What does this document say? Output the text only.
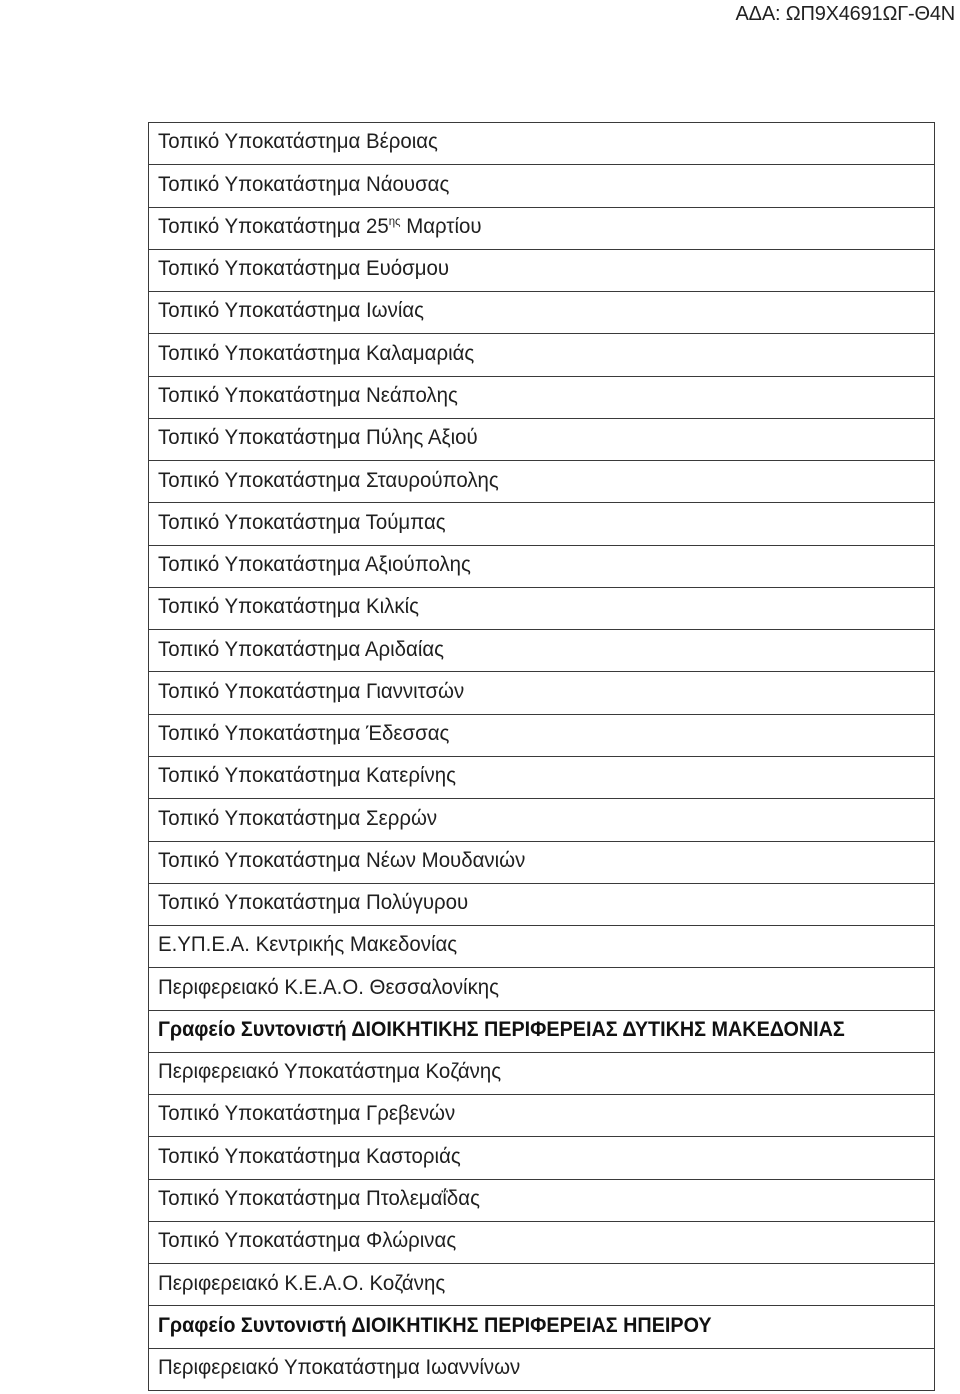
ΑΔΑ: ΩΠ9Χ4691ΩΓ-Θ4Ν
Τοπικό Υποκατάστημα Βέροιας
Τοπικό Υποκατάστημα Νάουσας
Τοπικό Υποκατάστημα $25^{\eta\varsigma}$ Μαρτίου
Τοπικό Υποκατάστημα Ευόσμου
Τοπικό Υποκατάστημα Ιωνίας
Τοπικό Υποκατάστημα Καλαμαριάς
Τοπικό Υποκατάστημα Νεάπολης
Τοπικό Υποκατάστημα Πύλης Αξιού
Τοπικό Υποκατάστημα Σταυρούπολης
Τοπικό Υποκατάστημα Τούμπας
Τοπικό Υποκατάστημα Αξιούπολης
Τοπικό Υποκατάστημα Κιλκίς
Τοπικό Υποκατάστημα Αριδαίας
Τοπικό Υποκατάστημα Γιαννιτσών
Τοπικό Υποκατάστημα Έδεσσας
Τοπικό Υποκατάστημα Κατερίνης
Τοπικό Υποκατάστημα Σερρών
Τοπικό Υποκατάστημα Νέων Μουδανιών
Τοπικό Υποκατάστημα Πολύγυρου
Ε.ΥΠ.Ε.Α. Κεντρικής Μακεδονίας
Περιφερειακό Κ.Ε.Α.Ο. Θεσσαλονίκης
Γραφείο Συντονιστή ΔΙΟΙΚΗΤΙΚΗΣ ΠΕΡΙΦΕΡΕΙΑΣ ΔΥΤΙΚΗΣ ΜΑΚΕΔΟΝΙΑΣ
Περιφερειακό Υποκατάστημα Κοζάνης
Τοπικό Υποκατάστημα Γρεβενών
Τοπικό Υποκατάστημα Καστοριάς
Τοπικό Υποκατάστημα Πτολεμαΐδας
Τοπικό Υποκατάστημα Φλώρινας
Περιφερειακό Κ.Ε.Α.Ο. Κοζάνης
Γραφείο Συντονιστή ΔΙΟΙΚΗΤΙΚΗΣ ΠΕΡΙΦΕΡΕΙΑΣ ΗΠΕΙΡΟΥ
Περιφερειακό Υποκατάστημα Ιωαννίνων
